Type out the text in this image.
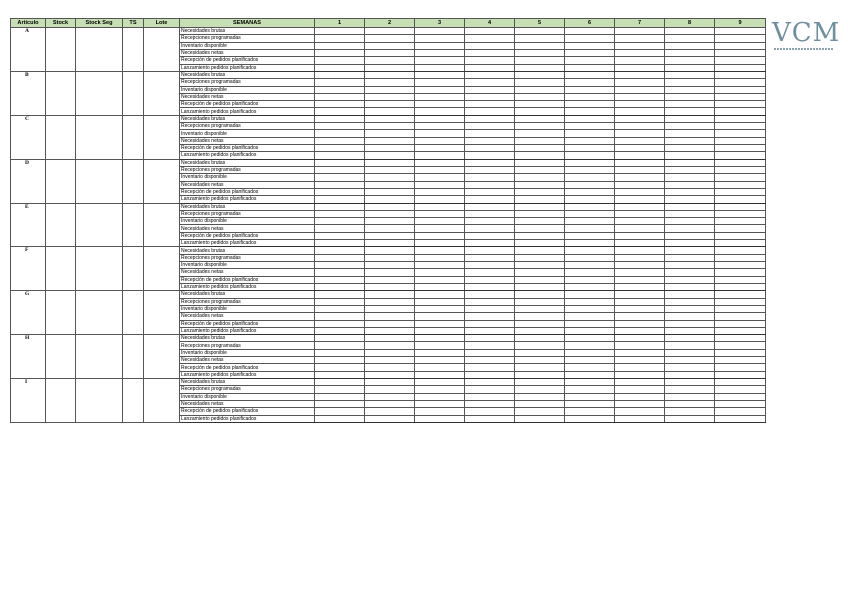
Artículo	Stock	Stock Seg	TS	Lote	SEMANAS	1	2	3	4	5	6	7	8	9
A					Necesidades brutas									
					Recepciones programadas									
					Inventario disponible									
					Necesidades netas									
					Recepción de pedidos planificados									
					Lanzamiento pedidos planificados									
B					Necesidades brutas									
					Recepciones programadas									
					Inventario disponible									
					Necesidades netas									
					Recepción de pedidos planificados									
					Lanzamiento pedidos planificados									
C					Necesidades brutas									
					Recepciones programadas									
					Inventario disponible									
					Necesidades netas									
					Recepción de pedidos planificados									
					Lanzamiento pedidos planificados									
D					Necesidades brutas									
					Recepciones programadas									
					Inventario disponible									
					Necesidades netas									
					Recepción de pedidos planificados									
					Lanzamiento pedidos planificados									
E					Necesidades brutas									
					Recepciones programadas									
					Inventario disponible									
					Necesidades netas									
					Recepción de pedidos planificados									
					Lanzamiento pedidos planificados									
F					Necesidades brutas									
					Recepciones programadas									
					Inventario disponible									
					Necesidades netas									
					Recepción de pedidos planificados									
					Lanzamiento pedidos planificados									
G					Necesidades brutas									
					Recepciones programadas									
					Inventario disponible									
					Necesidades netas									
					Recepción de pedidos planificados									
					Lanzamiento pedidos planificados									
H					Necesidades brutas									
					Recepciones programadas									
					Inventario disponible									
					Necesidades netas									
					Recepción de pedidos planificados									
					Lanzamiento pedidos planificados									
I					Necesidades brutas									
					Recepciones programadas									
					Inventario disponible									
					Necesidades netas									
					Recepción de pedidos planificados									
					Lanzamiento pedidos planificados									
VCM
